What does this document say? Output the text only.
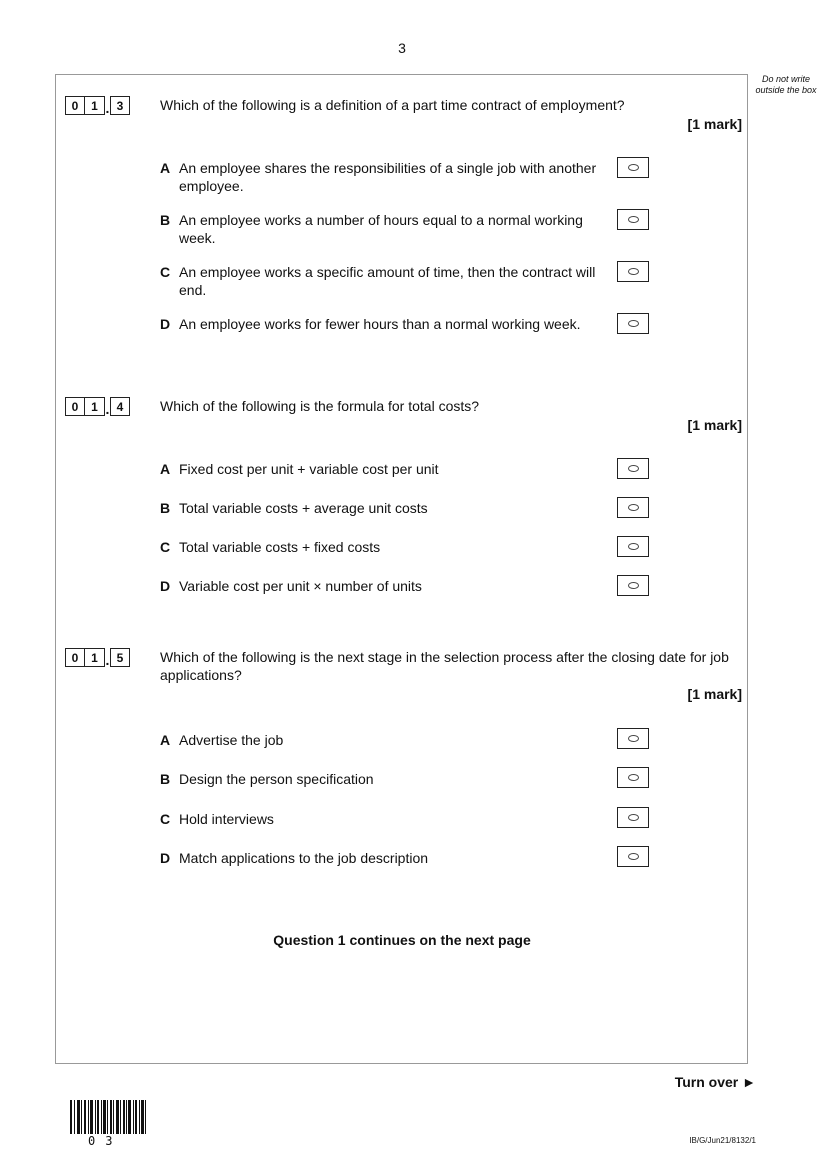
3
Do not write outside the box
0	1 . 3	Which of the following is a definition of a part time contract of employment?
[1 mark]
A An employee shares the responsibilities of a single job with another employee.
B An employee works a number of hours equal to a normal working week.
C An employee works a specific amount of time, then the contract will end.
D An employee works for fewer hours than a normal working week.
0	1 . 4	Which of the following is the formula for total costs?
[1 mark]
A Fixed cost per unit + variable cost per unit
B Total variable costs + average unit costs
C Total variable costs + fixed costs
D Variable cost per unit × number of units
0	1 . 5	Which of the following is the next stage in the selection process after the closing date for job applications?
[1 mark]
A Advertise the job
B Design the person specification
C Hold interviews
D Match applications to the job description
Question 1 continues on the next page
Turn over ►
03	IB/G/Jun21/8132/1
